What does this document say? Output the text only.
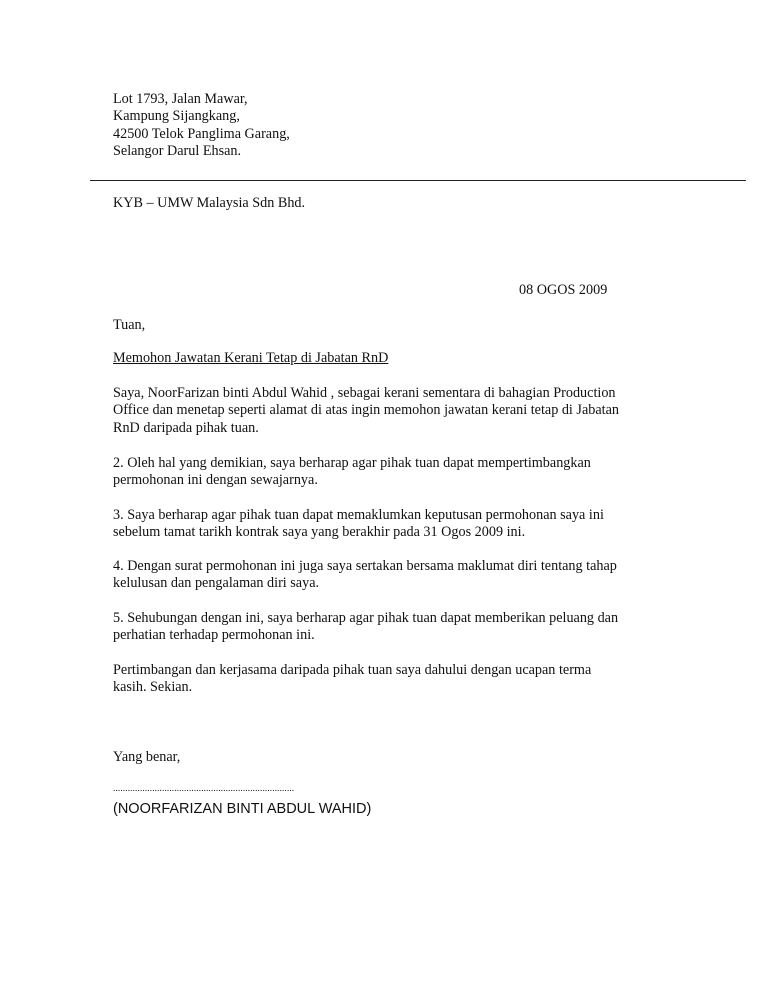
Lot 1793, Jalan Mawar,
Kampung Sijangkang,
42500 Telok Panglima Garang,
Selangor Darul Ehsan.
KYB – UMW Malaysia Sdn Bhd.
08 OGOS 2009
Tuan,
Memohon Jawatan Kerani Tetap di Jabatan RnD

Saya, NoorFarizan binti Abdul Wahid , sebagai kerani sementara di bahagian Production

Office dan menetap seperti alamat di atas ingin memohon jawatan kerani tetap di Jabatan

RnD daripada pihak tuan.

2. Oleh hal yang demikian, saya berharap agar pihak tuan dapat mempertimbangkan

permohonan ini dengan sewajarnya.

3. Saya berharap agar pihak tuan dapat memaklumkan keputusan permohonan saya ini

sebelum tamat tarikh kontrak saya yang berakhir pada 31 Ogos 2009 ini.

4. Dengan surat permohonan ini juga saya sertakan bersama maklumat diri tentang tahap

kelulusan dan pengalaman diri saya.

5. Sehubungan dengan ini, saya berharap agar pihak tuan dapat memberikan peluang dan

perhatian terhadap permohonan ini.

Pertimbangan dan kerjasama daripada pihak tuan saya dahului dengan ucapan terma

kasih. Sekian.

Yang benar,
..........................................................................
(NOORFARIZAN BINTI ABDUL WAHID)
